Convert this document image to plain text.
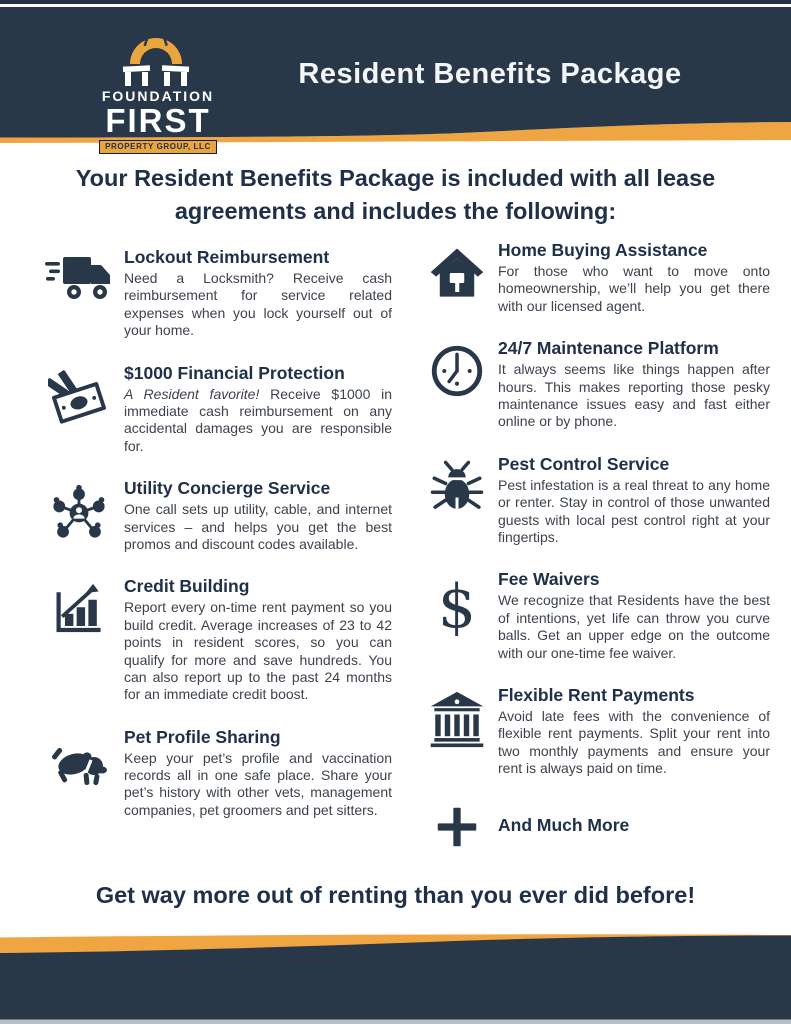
FOUNDATION
FIRST
PROPERTY GROUP, LLC
Resident Benefits Package
Your Resident Benefits Package is included with all lease agreements and includes the following:
Lockout Reimbursement

Need a Locksmith? Receive cash reimbursement for service related expenses when you lock yourself out of your home.

$1000 Financial Protection

A Resident favorite! Receive $1000 in immediate cash reimbursement on any accidental damages you are responsible for.

Utility Concierge Service

One call sets up utility, cable, and internet services – and helps you get the best promos and discount codes available.

Credit Building

Report every on-time rent payment so you build credit. Average increases of 23 to 42 points in resident scores, so you can qualify for more and save hundreds. You can also report up to the past 24 months for an immediate credit boost.

Pet Profile Sharing

Keep your pet’s profile and vaccination records all in one safe place. Share your pet’s history with other vets, management companies, pet groomers and pet sitters.

Home Buying Assistance

For those who want to move onto homeownership, we’ll help you get there with our licensed agent.

24/7 Maintenance Platform

It always seems like things happen after hours. This makes reporting those pesky maintenance issues easy and fast either online or by phone.

Pest Control Service

Pest infestation is a real threat to any home or renter. Stay in control of those unwanted guests with local pest control right at your fingertips.

$ Fee Waivers

We recognize that Residents have the best of intentions, yet life can throw you curve balls. Get an upper edge on the outcome with our one-time fee waiver.

Flexible Rent Payments

Avoid late fees with the convenience of flexible rent payments. Split your rent into two monthly payments and ensure your rent is always paid on time.

And Much More
Get way more out of renting than you ever did before!
